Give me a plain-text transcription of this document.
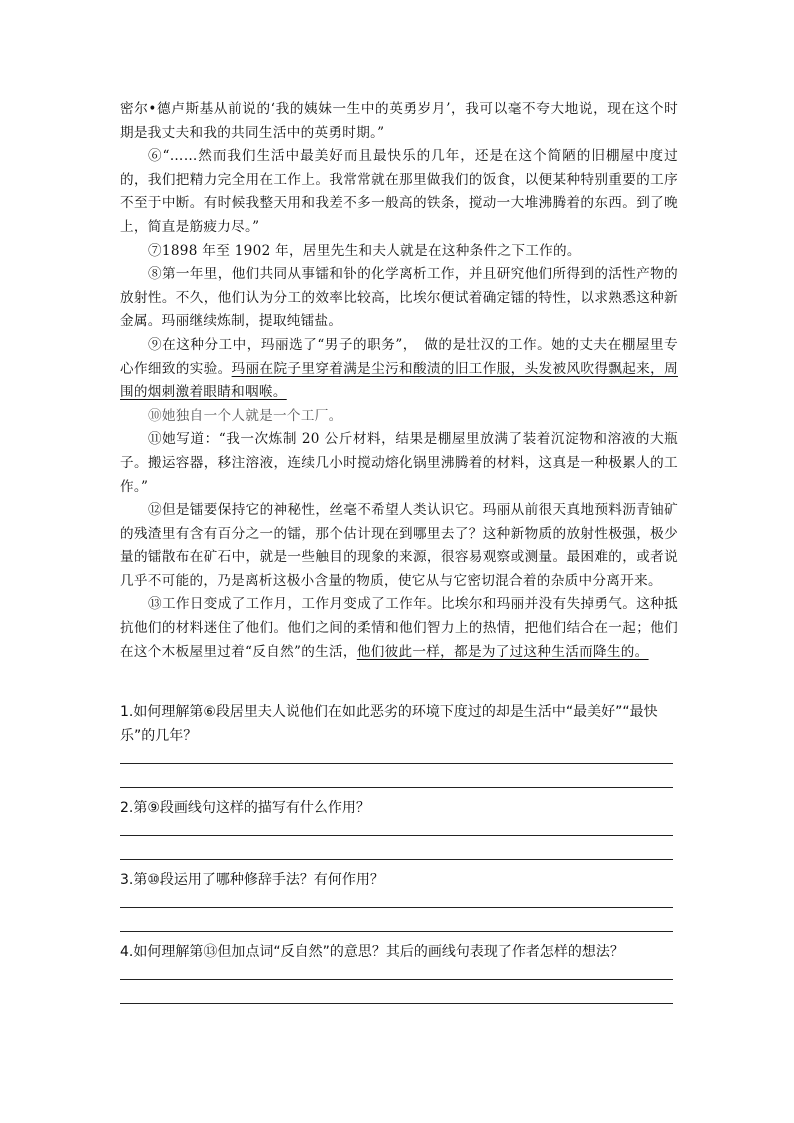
密尔•德卢斯基从前说的‘我的姨妹一生中的英勇岁月’，我可以毫不夸大地说，现在这个时期是我丈夫和我的共同生活中的英勇时期。”

⑥“……然而我们生活中最美好而且最快乐的几年，还是在这个简陋的旧棚屋中度过的，我们把精力完全用在工作上。我常常就在那里做我们的饭食，以便某种特别重要的工序不至于中断。有时候我整天用和我差不多一般高的铁条，搅动一大堆沸腾着的东西。到了晚上，简直是筋疲力尽。”

⑦1898 年至 1902 年，居里先生和夫人就是在这种条件之下工作的。

⑧第一年里，他们共同从事镭和钋的化学离析工作，并且研究他们所得到的活性产物的放射性。不久，他们认为分工的效率比较高，比埃尔便试着确定镭的特性，以求熟悉这种新金属。玛丽继续炼制，提取纯镭盐。

⑨在这种分工中，玛丽选了“男子的职务”，　做的是壮汉的工作。她的丈夫在棚屋里专心作细致的实验。玛丽在院子里穿着满是尘污和酸渍的旧工作服，头发被风吹得飘起来，周围的烟刺激着眼睛和咽喉。

⑩她独自一个人就是一个工厂。

⑪她写道：“我一次炼制 20 公斤材料，结果是棚屋里放满了装着沉淀物和溶液的大瓶子。搬运容器，移注溶液，连续几小时搅动熔化锅里沸腾着的材料，这真是一种极累人的工作。”

⑫但是镭要保持它的神秘性，丝毫不希望人类认识它。玛丽从前很天真地预料沥青铀矿的残渣里有含有百分之一的镭，那个估计现在到哪里去了？这种新物质的放射性极强，极少量的镭散布在矿石中，就是一些触目的现象的来源，很容易观察或测量。最困难的，或者说几乎不可能的，乃是离析这极小含量的物质，使它从与它密切混合着的杂质中分离开来。

⑬工作日变成了工作月，工作月变成了工作年。比埃尔和玛丽并没有失掉勇气。这种抵抗他们的材料迷住了他们。他们之间的柔情和他们智力上的热情，把他们结合在一起；他们在这个木板屋里过着“反自然”的生活，他们彼此一样，都是为了过这种生活而降生的。

1.如何理解第⑥段居里夫人说他们在如此恶劣的环境下度过的却是生活中“最美好”“最快乐”的几年？

2.第⑨段画线句这样的描写有什么作用？

3.第⑩段运用了哪种修辞手法？有何作用？

4.如何理解第⑬但加点词“反自然”的意思？其后的画线句表现了作者怎样的想法？
